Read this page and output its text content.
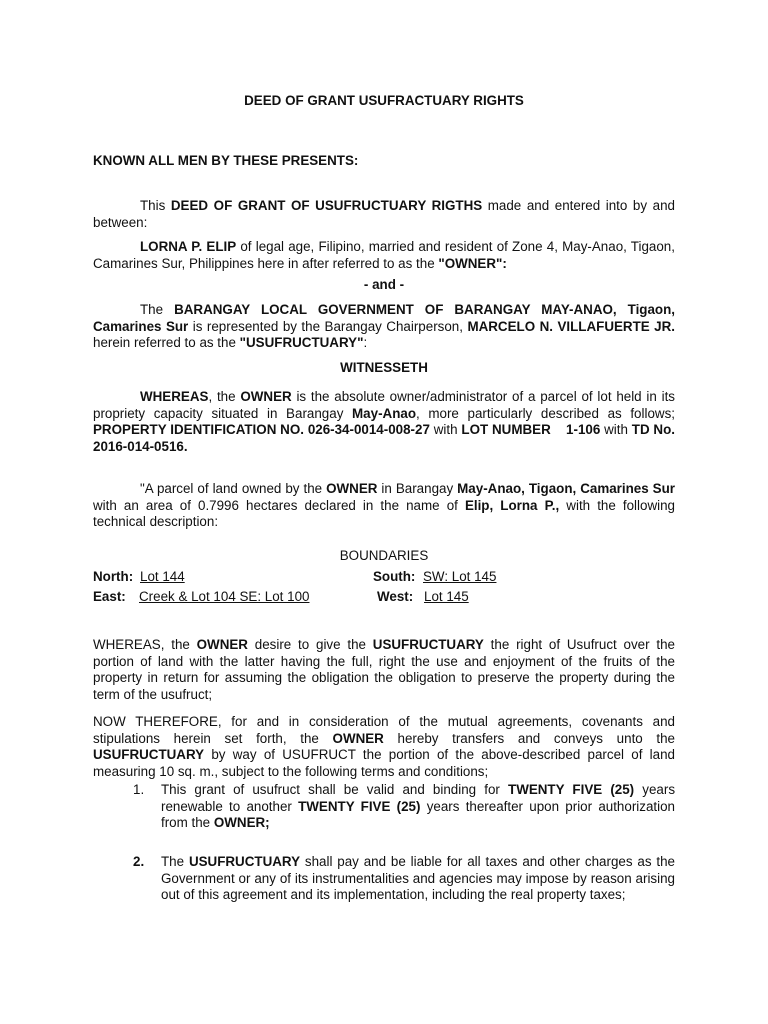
DEED OF GRANT USUFRACTUARY RIGHTS
KNOWN ALL MEN BY THESE PRESENTS:
This DEED OF GRANT OF USUFRUCTUARY RIGTHS made and entered into by and between:
LORNA P. ELIP of legal age, Filipino, married and resident of Zone 4, May-Anao, Tigaon, Camarines Sur, Philippines here in after referred to as the "OWNER":
- and -
The BARANGAY LOCAL GOVERNMENT OF BARANGAY MAY-ANAO, Tigaon, Camarines Sur is represented by the Barangay Chairperson, MARCELO N. VILLAFUERTE JR. herein referred to as the "USUFRUCTUARY":
WITNESSETH
WHEREAS, the OWNER is the absolute owner/administrator of a parcel of lot held in its propriety capacity situated in Barangay May-Anao, more particularly described as follows; PROPERTY IDENTIFICATION NO. 026-34-0014-008-27 with LOT NUMBER    1-106 with TD No. 2016-014-0516.
"A parcel of land owned by the OWNER in Barangay May-Anao, Tigaon, Camarines Sur with an area of 0.7996 hectares declared in the name of Elip, Lorna P., with the following technical description:
BOUNDARIES
North: Lot 144	South: SW: Lot 145
East: Creek & Lot 104 SE: Lot 100	West: Lot 145
WHEREAS, the OWNER desire to give the USUFRUCTUARY the right of Usufruct over the portion of land with the latter having the full, right the use and enjoyment of the fruits of the property in return for assuming the obligation the obligation to preserve the property during the term of the usufruct;
NOW THEREFORE, for and in consideration of the mutual agreements, covenants and stipulations herein set forth, the OWNER hereby transfers and conveys unto the USUFRUCTUARY by way of USUFRUCT the portion of the above-described parcel of land measuring 10 sq. m., subject to the following terms and conditions;
1. This grant of usufruct shall be valid and binding for TWENTY FIVE (25) years renewable to another TWENTY FIVE (25) years thereafter upon prior authorization from the OWNER;
2. The USUFRUCTUARY shall pay and be liable for all taxes and other charges as the Government or any of its instrumentalities and agencies may impose by reason arising out of this agreement and its implementation, including the real property taxes;
